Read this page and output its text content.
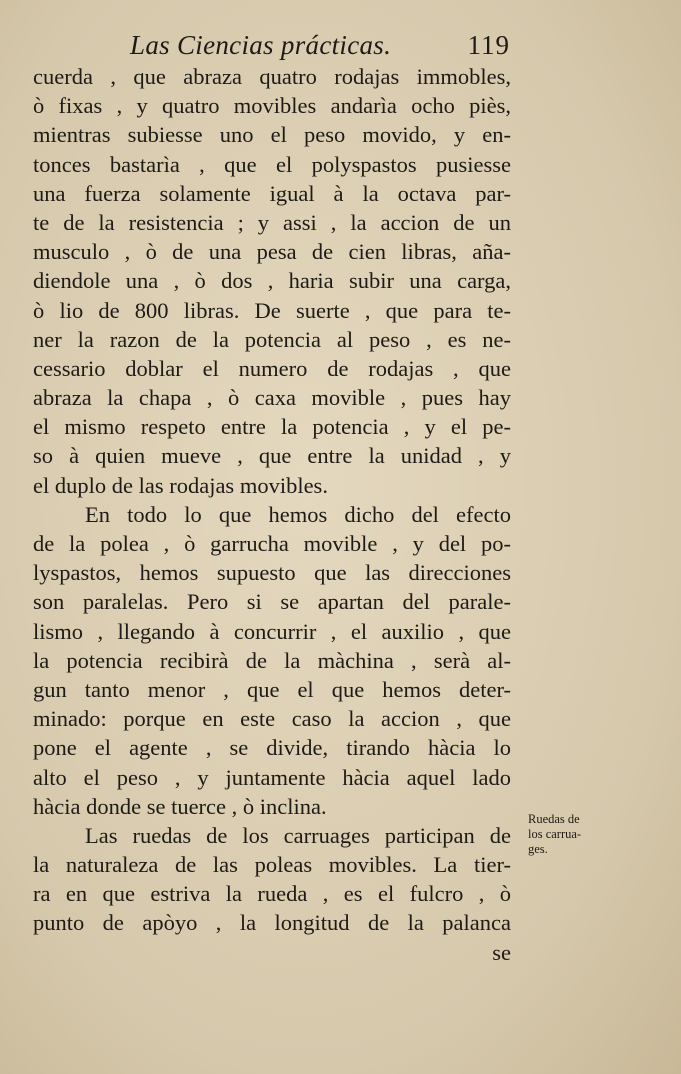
Las Ciencias prácticas.	119
cuerda , que abraza quatro rodajas immobles,
ò fixas , y quatro movibles andarìa ocho piès,
mientras subiesse uno el peso movido, y en-
tonces bastarìa , que el polyspastos pusiesse
una fuerza solamente igual à la octava par-
te de la resistencia ; y assi , la accion de un
musculo , ò de una pesa de cien libras, aña-
diendole una , ò dos , haria subir una carga,
ò lio de 800 libras. De suerte , que para te-
ner la razon de la potencia al peso , es ne-
cessario doblar el numero de rodajas , que
abraza la chapa , ò caxa movible , pues hay
el mismo respeto entre la potencia , y el pe-
so à quien mueve , que entre la unidad , y
el duplo de las rodajas movibles.
En todo lo que hemos dicho del efecto
de la polea , ò garrucha movible , y del po-
lyspastos, hemos supuesto que las direcciones
son paralelas. Pero si se apartan del parale-
lismo , llegando à concurrir , el auxilio , que
la potencia recibirà de la màchina , serà al-
gun tanto menor , que el que hemos deter-
minado: porque en este caso la accion , que
pone el agente , se divide, tirando hàcia lo
alto el peso , y juntamente hàcia aquel lado
hàcia donde se tuerce , ò inclina.
Las ruedas de los carruages participan de
la naturaleza de las poleas movibles. La tier-
ra en que estriva la rueda , es el fulcro , ò
punto de apòyo , la longitud de la palanca
se
Ruedas de
los carrua-
ges.
